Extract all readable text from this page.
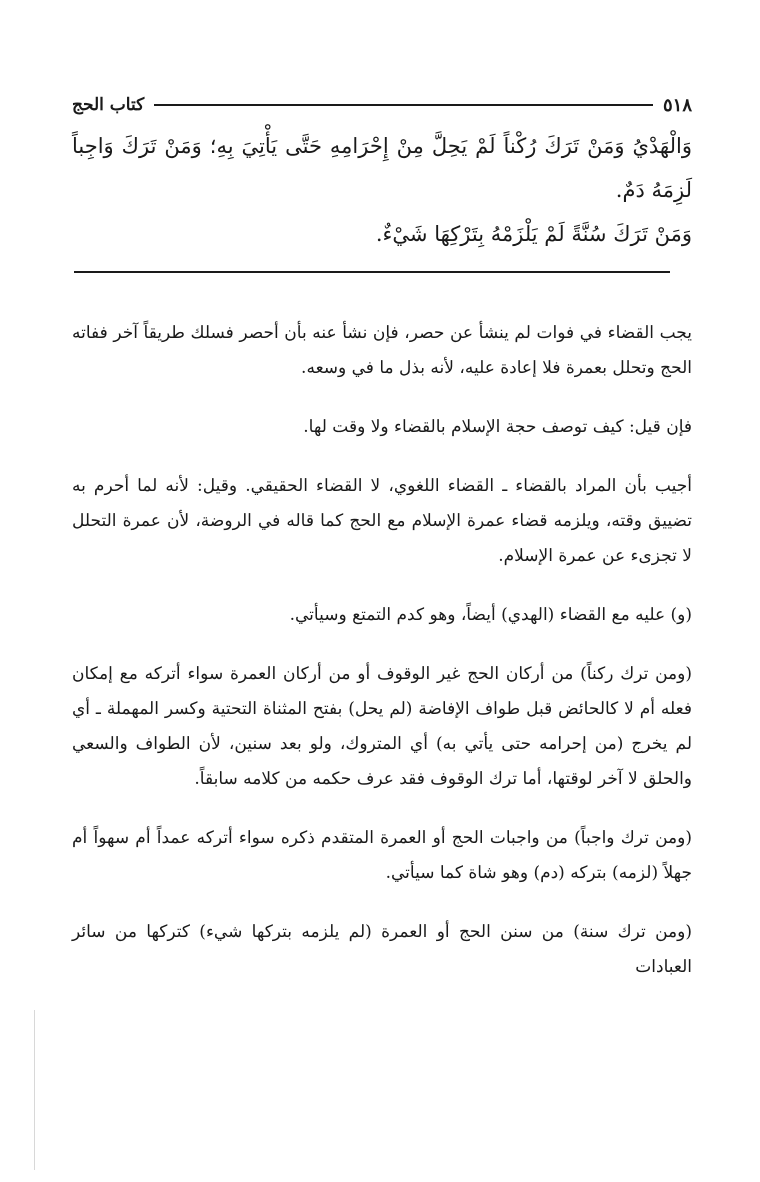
٥١٨
كتاب الحج

وَالْهَدْيُ وَمَنْ تَرَكَ رُكْناً لَمْ يَحِلَّ مِنْ إِحْرَامِهِ حَتَّى يَأْتِيَ بِهِ؛ وَمَنْ تَرَكَ وَاجِباً لَزِمَهُ دَمٌ.

وَمَنْ تَرَكَ سُنَّةً لَمْ يَلْزَمْهُ بِتَرْكِهَا شَيْءٌ.

يجب القضاء في فوات لم ينشأ عن حصر، فإن نشأ عنه بأن أحصر فسلك طريقاً آخر ففاته الحج وتحلل بعمرة فلا إعادة عليه، لأنه بذل ما في وسعه.

فإن قيل: كيف توصف حجة الإسلام بالقضاء ولا وقت لها.

أجيب بأن المراد بالقضاء ـ القضاء اللغوي، لا القضاء الحقيقي. وقيل: لأنه لما أحرم به تضييق وقته، ويلزمه قضاء عمرة الإسلام مع الحج كما قاله في الروضة، لأن عمرة التحلل لا تجزىء عن عمرة الإسلام.

(و) عليه مع القضاء (الهدي) أيضاً، وهو كدم التمتع وسيأتي.

(ومن ترك ركناً) من أركان الحج غير الوقوف أو من أركان العمرة سواء أتركه مع إمكان فعله أم لا كالحائض قبل طواف الإفاضة (لم يحل) بفتح المثناة التحتية وكسر المهملة ـ أي لم يخرج (من إحرامه حتى يأتي به) أي المتروك، ولو بعد سنين، لأن الطواف والسعي والحلق لا آخر لوقتها، أما ترك الوقوف فقد عرف حكمه من كلامه سابقاً.

(ومن ترك واجباً) من واجبات الحج أو العمرة المتقدم ذكره سواء أتركه عمداً أم سهواً أم جهلاً (لزمه) بتركه (دم) وهو شاة كما سيأتي.

(ومن ترك سنة) من سنن الحج أو العمرة (لم يلزمه بتركها شيء) كتركها من سائر العبادات
